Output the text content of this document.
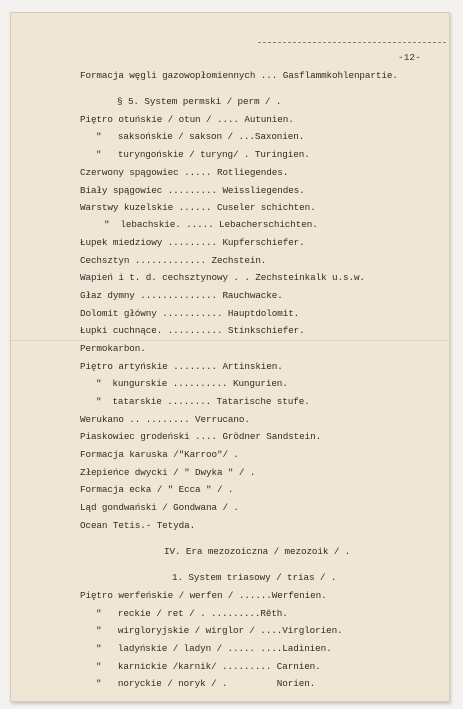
-12-
Formacja węgli gazowopłomiennych ... Gasflammkohlenpartie.
§ 5. System permski / perm / .
Piętro otuńskie / otun / .... Autunien.
"   saksońskie / sakson / ...Saxonien.
"   turyngońskie / turyng/ . Turingien.
Czerwony spągowiec ..... Rotliegendes.
Biały spągowiec ......... Weissliegendes.
Warstwy kuzelskie ...... Cuseler schichten.
"  lebachskie. ..... Lebacherschichten.
Łupek miedziowy ......... Kupferschiefer.
Cechsztyn ............. Zechstein.
Wapień i t. d. cechsztynowy . . Zechsteinkalk u.s.w.
Głaz dymny .............. Rauchwacke.
Dolomit główny ........... Hauptdolomit.
Łupki cuchnące. .......... Stinkschiefer.
Permokarbon.
Piętro artyńskie ........ Artinskien.
"  kungurskie .......... Kungurien.
"  tatarskie ........ Tatarische stufe.
Werukano .. ........ Verrucano.
Piaskowiec grodeński .... Grödner Sandstein.
Formacja karuska /"Karroo"/ .
Złepieńce dwycki / " Dwyka " / .
Formacja ecka / " Ecca " / .
Ląd gondwański / Gondwana / .
Ocean Tetis.- Tetyda.
IV. Era mezozoiczna / mezozoik / .
1. System triasowy / trias / .
Piętro werfeńskie / werfen / ......Werfenien.
"   reckie / ret / . .........Rêth.
"   wirgloryjskie / wirglor / ....Virglorien.
"   ladyńskie / ladyn / ..... ....Ladinien.
"   karnickie /karnik/ ......... Carnien.
"   noryckie / noryk / .         Norien.
